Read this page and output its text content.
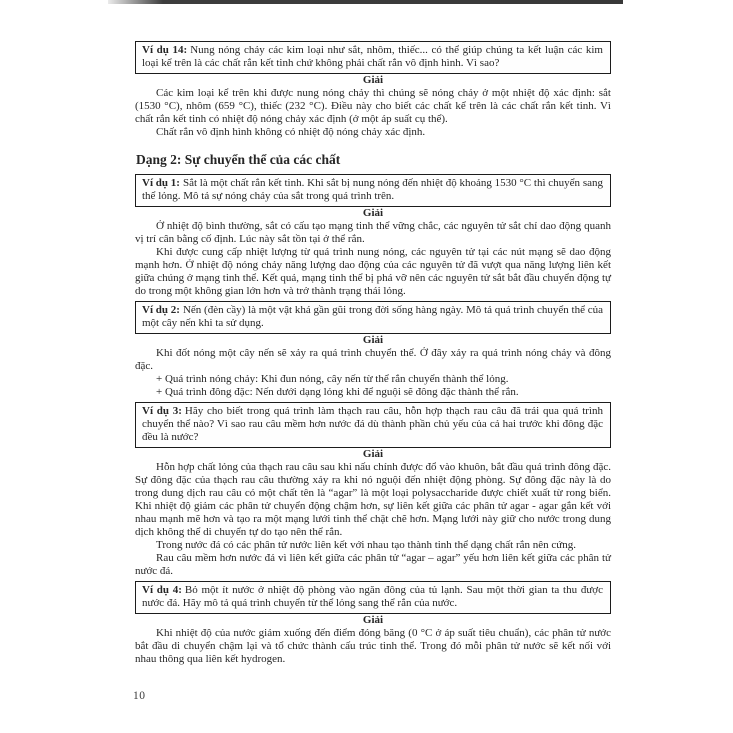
Ví dụ 14: Nung nóng chảy các kim loại như sắt, nhôm, thiếc... có thể giúp chúng ta kết luận các kim loại kể trên là các chất rắn kết tinh chứ không phải chất rắn vô định hình. Vì sao?
Giải

Các kim loại kể trên khi được nung nóng chảy thì chúng sẽ nóng chảy ở một nhiệt độ xác định: sắt (1530 °C), nhôm (659 °C), thiếc (232 °C). Điều này cho biết các chất kể trên là các chất rắn kết tinh. Vì chất rắn kết tinh có nhiệt độ nóng chảy xác định (ở một áp suất cụ thể).

Chất rắn vô định hình không có nhiệt độ nóng chảy xác định.

Dạng 2: Sự chuyển thể của các chất
Ví dụ 1: Sắt là một chất rắn kết tinh. Khi sắt bị nung nóng đến nhiệt độ khoảng 1530 °C thì chuyển sang thể lỏng. Mô tả sự nóng chảy của sắt trong quá trình trên.
Giải

Ở nhiệt độ bình thường, sắt có cấu tạo mạng tinh thể vững chắc, các nguyên tử sắt chỉ dao động quanh vị trí cân bằng cố định. Lúc này sắt tồn tại ở thể rắn.

Khi được cung cấp nhiệt lượng từ quá trình nung nóng, các nguyên tử tại các nút mạng sẽ dao động mạnh hơn. Ở nhiệt độ nóng chảy năng lượng dao động của các nguyên tử đã vượt qua năng lượng liên kết giữa chúng ở mạng tinh thể. Kết quả, mạng tinh thể bị phá vỡ nên các nguyên tử sắt bắt đầu chuyển động tự do trong một không gian lớn hơn và trở thành trạng thái lỏng.

Ví dụ 2: Nến (đèn cầy) là một vật khá gần gũi trong đời sống hàng ngày. Mô tả quá trình chuyển thể của một cây nến khi ta sử dụng.
Giải

Khi đốt nóng một cây nến sẽ xảy ra quá trình chuyển thể. Ở đây xảy ra quá trình nóng chảy và đông đặc.

+ Quá trình nóng chảy: Khi đun nóng, cây nến từ thể rắn chuyển thành thể lỏng.

+ Quá trình đông đặc: Nến dưới dạng lỏng khi để nguội sẽ đông đặc thành thể rắn.

Ví dụ 3: Hãy cho biết trong quá trình làm thạch rau câu, hỗn hợp thạch rau câu đã trải qua quá trình chuyển thể nào? Vì sao rau câu mềm hơn nước đá dù thành phần chủ yếu của cả hai trước khi đông đặc đều là nước?
Giải

Hỗn hợp chất lỏng của thạch rau câu sau khi nấu chính được đổ vào khuôn, bắt đầu quá trình đông đặc. Sự đông đặc của thạch rau câu thường xảy ra khi nó nguội đến nhiệt động phòng. Sự đông đặc này là do trong dung dịch rau câu có một chất tên là “agar” là một loại polysaccharide được chiết xuất từ rong biển. Khi nhiệt độ giảm các phân tử chuyển động chậm hơn, sự liên kết giữa các phân tử agar - agar gắn kết với nhau mạnh mẽ hơn và tạo ra một mạng lưới tinh thể chặt chẽ hơn. Mạng lưới này giữ cho nước trong dung dịch không thể di chuyển tự do tạo nên thể rắn.

Trong nước đá có các phân tử nước liên kết với nhau tạo thành tinh thể dạng chất rắn nên cứng.

Rau câu mềm hơn nước đá vì liên kết giữa các phân tử “agar – agar” yếu hơn liên kết giữa các phân tử nước đá.

Ví dụ 4: Bỏ một ít nước ở nhiệt độ phòng vào ngăn đông của tủ lạnh. Sau một thời gian ta thu được nước đá. Hãy mô tả quá trình chuyển từ thể lỏng sang thể rắn của nước.
Giải

Khi nhiệt độ của nước giảm xuống đến điểm đóng băng (0 °C ở áp suất tiêu chuẩn), các phân tử nước bắt đầu di chuyển chậm lại và tổ chức thành cấu trúc tinh thể. Trong đó mỗi phân tử nước sẽ kết nối với nhau thông qua liên kết hydrogen.

10
